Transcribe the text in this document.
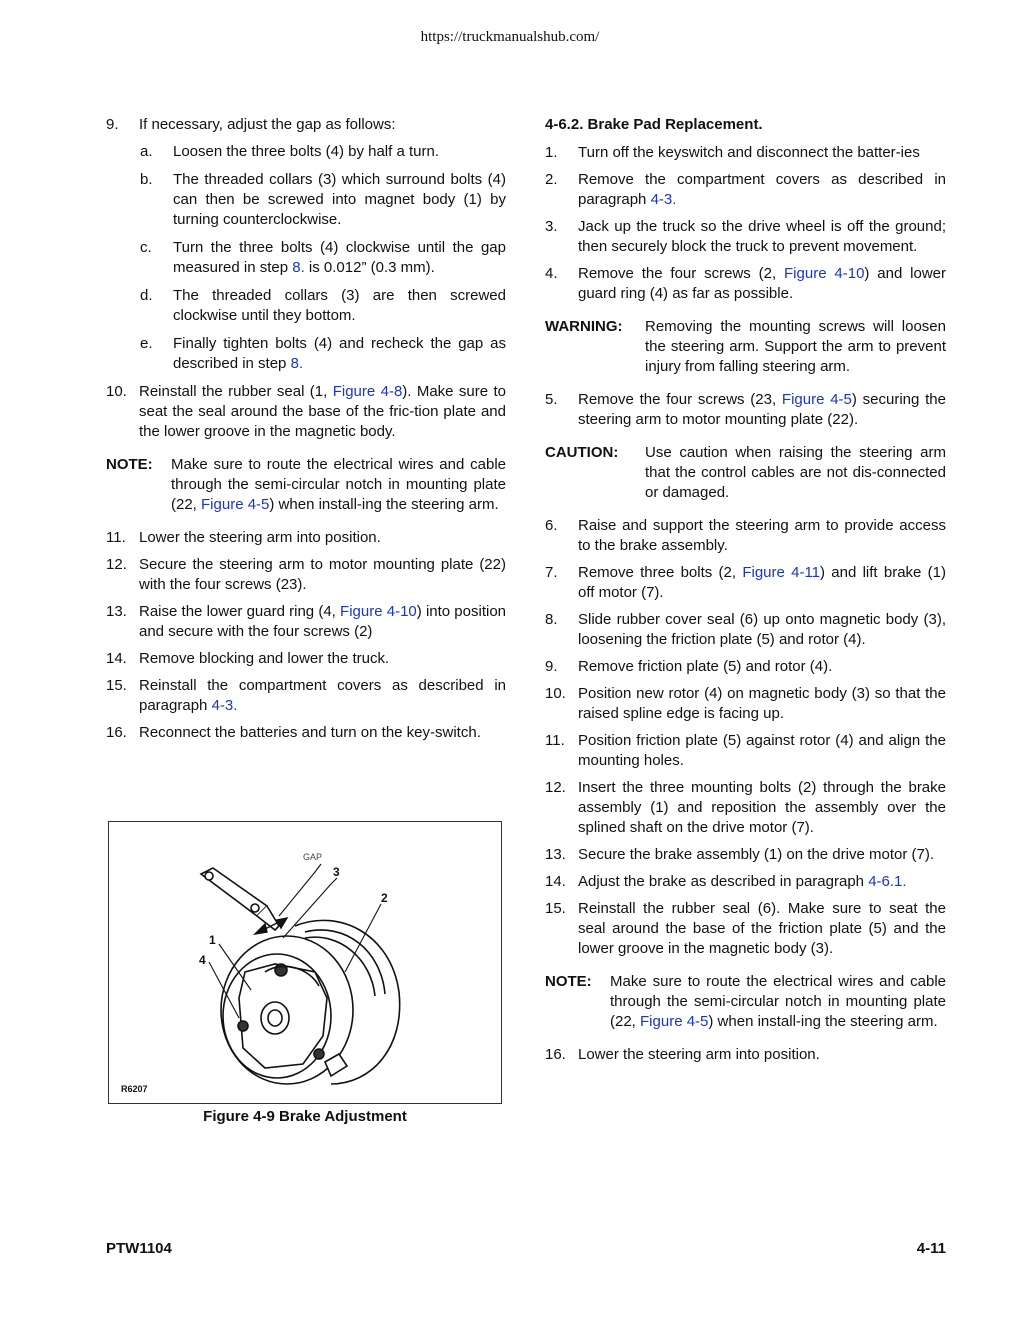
https://truckmanualshub.com/
9. If necessary, adjust the gap as follows:
a. Loosen the three bolts (4) by half a turn.
b. The threaded collars (3) which surround bolts (4) can then be screwed into magnet body (1) by turning counterclockwise.
c. Turn the three bolts (4) clockwise until the gap measured in step 8. is 0.012” (0.3 mm).
d. The threaded collars (3) are then screwed clockwise until they bottom.
e. Finally tighten bolts (4) and recheck the gap as described in step 8.
10. Reinstall the rubber seal (1, Figure 4-8). Make sure to seat the seal around the base of the fric-tion plate and the lower groove in the magnetic body.
NOTE: Make sure to route the electrical wires and cable through the semi-circular notch in mounting plate (22, Figure 4-5) when install-ing the steering arm.
11. Lower the steering arm into position.
12. Secure the steering arm to motor mounting plate (22) with the four screws (23).
13. Raise the lower guard ring (4, Figure 4-10) into position and secure with the four screws (2)
14. Remove blocking and lower the truck.
15. Reinstall the compartment covers as described in paragraph 4-3.
16. Reconnect the batteries and turn on the key-switch.
GAP
3
2
1
4
R6207
Figure 4-9 Brake Adjustment
4-6.2. Brake Pad Replacement.
1. Turn off the keyswitch and disconnect the batter-ies
2. Remove the compartment covers as described in paragraph 4-3.
3. Jack up the truck so the drive wheel is off the ground; then securely block the truck to prevent movement.
4. Remove the four screws (2, Figure 4-10) and lower guard ring (4) as far as possible.
WARNING: Removing the mounting screws will loosen the steering arm. Support the arm to prevent injury from falling steering arm.
5. Remove the four screws (23, Figure 4-5) securing the steering arm to motor mounting plate (22).
CAUTION: Use caution when raising the steering arm that the control cables are not dis-connected or damaged.
6. Raise and support the steering arm to provide access to the brake assembly.
7. Remove three bolts (2, Figure 4-11) and lift brake (1) off motor (7).
8. Slide rubber cover seal (6) up onto magnetic body (3), loosening the friction plate (5) and rotor (4).
9. Remove friction plate (5) and rotor (4).
10. Position new rotor (4) on magnetic body (3) so that the raised spline edge is facing up.
11. Position friction plate (5) against rotor (4) and align the mounting holes.
12. Insert the three mounting bolts (2) through the brake assembly (1) and reposition the assembly over the splined shaft on the drive motor (7).
13. Secure the brake assembly (1) on the drive motor (7).
14. Adjust the brake as described in paragraph 4-6.1.
15. Reinstall the rubber seal (6). Make sure to seat the seal around the base of the friction plate (5) and the lower groove in the magnetic body (3).
NOTE: Make sure to route the electrical wires and cable through the semi-circular notch in mounting plate (22, Figure 4-5) when install-ing the steering arm.
16. Lower the steering arm into position.
PTW1104	4-11
